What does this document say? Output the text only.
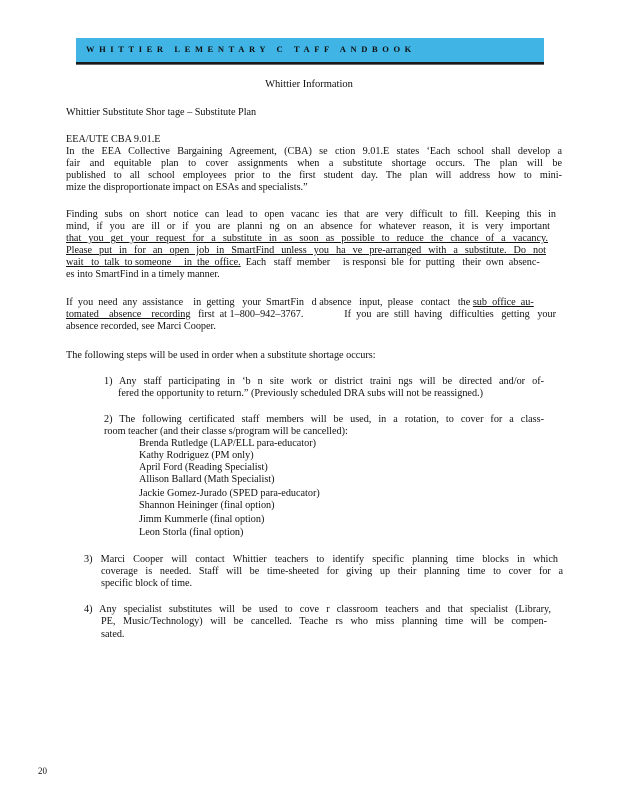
WHITTIER LEMENTARY C TAFF ANDBOOK
Whittier Information
Whittier Substitute Shor tage – Substitute Plan
EEA/UTE CBA 9.01.E
In the EEA Collective Bargaining Agreement, (CBA) se ction 9.01.E states ‘Each school shall develop a
fair and equitable plan to cover assignments when a substitute shortage occurs. The plan will be
published to all school employees prior to the first student day. The plan will address how to mini-
mize the disproportionate impact on ESAs and specialists.”
Finding subs on short notice can lead to open vacanc ies that are very difficult to fill. Keeping this in
mind, if you are ill or if you are planni ng on an absence for whatever reason, it is very important
that you get your request for a substitute in as soon as possible to reduce the chance of a vacancy.
Please put in for an open job in SmartFind unless you ha ve pre-arranged with a substitute. Do not
wait   to  talk  to someone     in  the  office.  Each   staff  member     is responsi  ble  for  putting   their  own  absenc-
es into SmartFind in a timely manner.
If  you  need  any  assistance    in  getting   your  SmartFin   d absence   input,  please   contact   the sub  office  au-
tomated    absence    recording   first  at 1–800–942–3767.	If  you  are  still  having   difficulties   getting   your
absence recorded, see Marci Cooper.
The following steps will be used in order when a substitute shortage occurs:
1) Any staff participating in ‘b n site work or district traini ngs will be directed and/or of-
fered the opportunity to return.” (Previously scheduled DRA subs will not be reassigned.)
2) The following certificated staff members will be used, in a rotation, to cover for a class-
room teacher (and their classe s/program will be cancelled):
Brenda Rutledge (LAP/ELL para-educator)
Kathy Rodriguez (PM only)
April Ford (Reading Specialist)
Allison Ballard (Math Specialist)
Jackie Gomez-Jurado (SPED para-educator)
Shannon Heininger (final option)
Jimm Kummerle (final option)
Leon Storla (final option)
3) Marci Cooper will contact Whittier teachers to identify specific planning time blocks in which
coverage is needed. Staff will be time-sheeted for giving up their planning time to cover for a
specific block of time.
4) Any specialist substitutes will be used to cove r classroom teachers and that specialist (Library,
PE, Music/Technology) will be cancelled. Teache rs who miss planning time will be compen-
sated.
20
